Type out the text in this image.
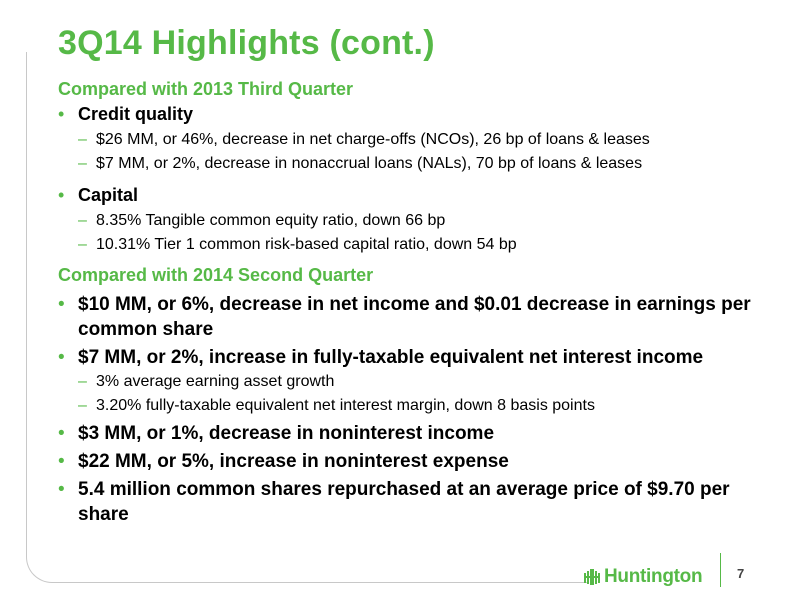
3Q14 Highlights (cont.)
Compared with 2013 Third Quarter
• Credit quality
– $26 MM, or 46%, decrease in net charge-offs (NCOs), 26 bp of loans & leases
– $7 MM, or 2%, decrease in nonaccrual loans (NALs), 70 bp of loans & leases
• Capital
– 8.35% Tangible common equity ratio, down 66 bp
– 10.31% Tier 1 common risk-based capital ratio, down 54 bp
Compared with 2014 Second Quarter
• $10 MM, or 6%, decrease in net income and $0.01 decrease in earnings per common share
• $7 MM, or 2%, increase in fully-taxable equivalent net interest income
– 3% average earning asset growth
– 3.20% fully-taxable equivalent net interest margin, down 8 basis points
• $3 MM, or 1%, decrease in noninterest income
• $22 MM, or 5%, increase in noninterest expense
• 5.4 million common shares repurchased at an average price of $9.70 per share
Huntington	7
